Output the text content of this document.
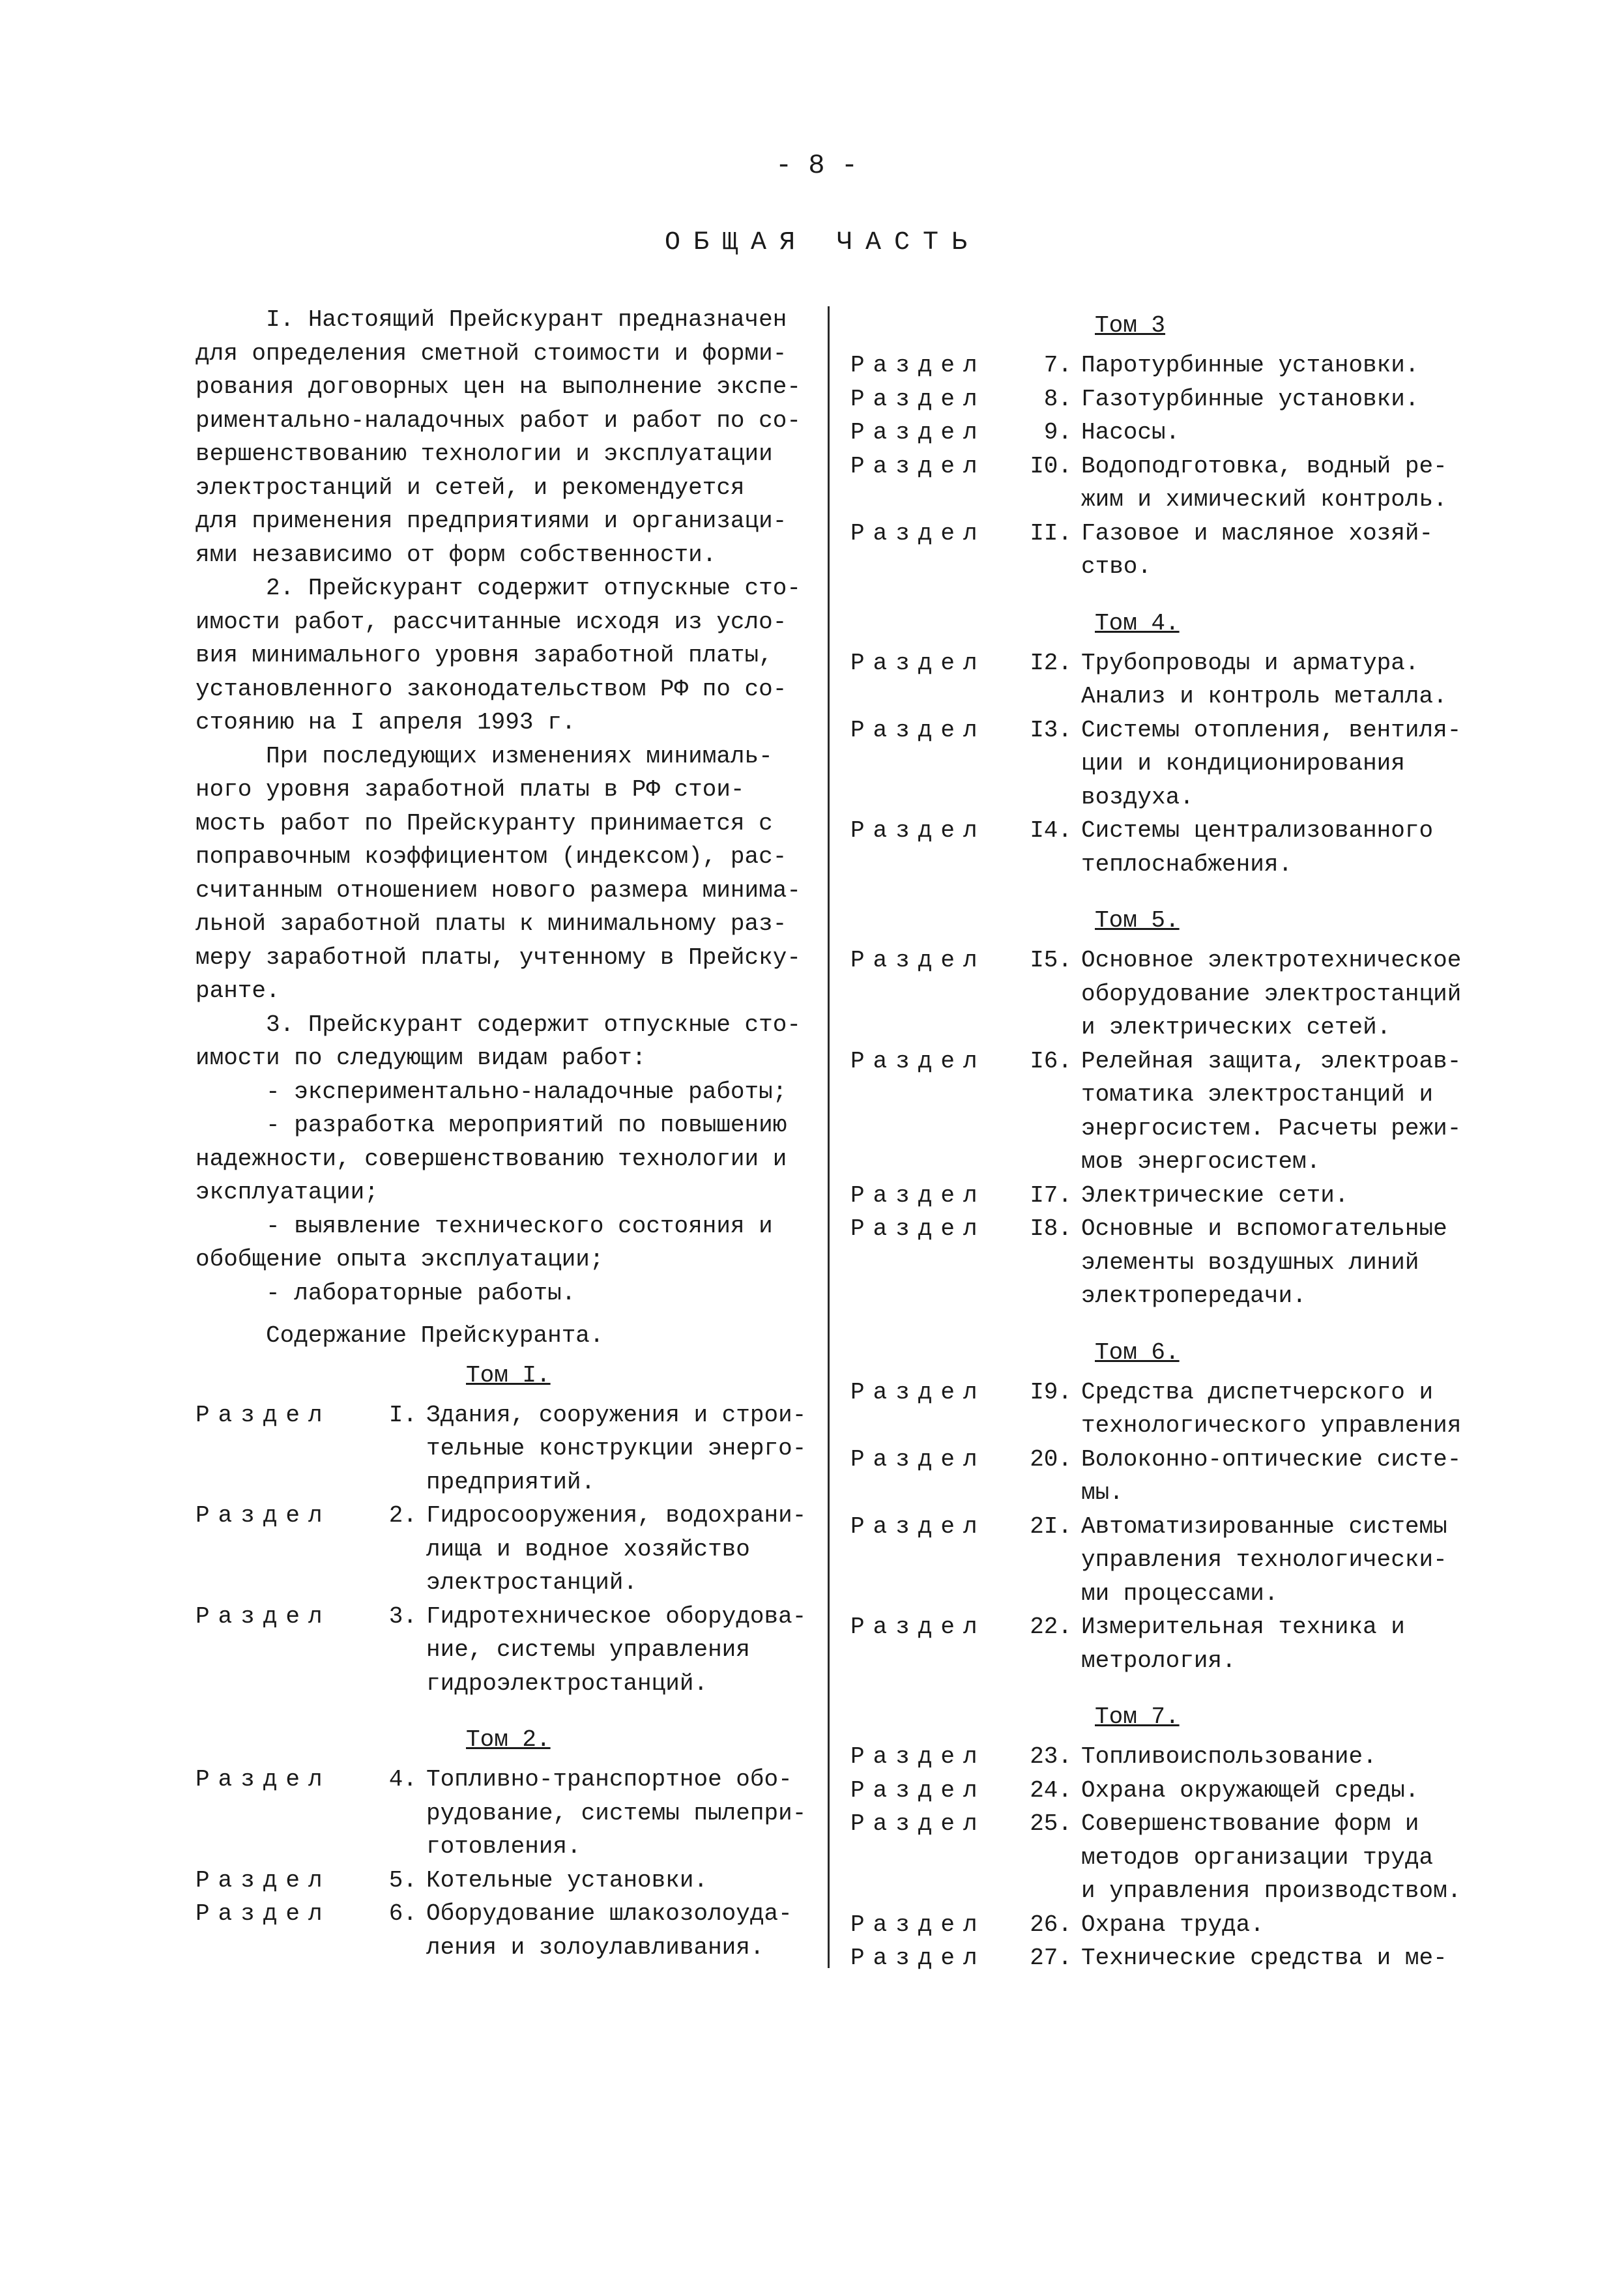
- 8 -
ОБЩАЯ ЧАСТЬ
I. Настоящий Прейскурант предназначен
для определения сметной стоимости и форми-
рования договорных цен на выполнение экспе-
риментально-наладочных работ и работ по со-
вершенствованию технологии и эксплуатации
электростанций и сетей, и рекомендуется
для применения предприятиями и организаци-
ями независимо от форм собственности.
2. Прейскурант содержит отпускные сто-
имости работ, рассчитанные исходя из усло-
вия минимального уровня заработной платы,
установленного законодательством РФ по со-
стоянию на I апреля 1993 г.
При последующих изменениях минималь-
ного уровня заработной платы в РФ стои-
мость работ по Прейскуранту принимается с
поправочным коэффициентом (индексом), рас-
считанным отношением нового размера минима-
льной заработной платы к минимальному раз-
меру заработной платы, учтенному в Прейску-
ранте.
3. Прейскурант содержит отпускные сто-
имости по следующим видам работ:
- экспериментально-наладочные работы;
- разработка мероприятий по повышению
надежности, совершенствованию технологии и
эксплуатации;
- выявление технического состояния и
обобщение опыта эксплуатации;
- лабораторные работы.
Содержание Прейскуранта.
Том I.
Раздел	I. Здания, сооружения и строи-
тельные конструкции энерго-
предприятий.
Раздел	2. Гидросооружения, водохрани-
лища и водное хозяйство
электростанций.
Раздел	3. Гидротехническое оборудова-
ние, системы управления
гидроэлектростанций.
Том 2.
Раздел	4. Топливно-транспортное обо-
рудование, системы пылепри-
готовления.
Раздел	5. Котельные установки.
Раздел	6. Оборудование шлакозолоуда-
ления и золоулавливания.
Том 3
Раздел	7. Паротурбинные установки.
Раздел	8. Газотурбинные установки.
Раздел	9. Насосы.
Раздел	I0. Водоподготовка, водный ре-
жим и химический контроль.
Раздел	II. Газовое и масляное хозяй-
ство.
Том 4.
Раздел	I2. Трубопроводы и арматура.
Анализ и контроль металла.
Раздел	I3. Системы отопления, вентиля-
ции и кондиционирования
воздуха.
Раздел	I4. Системы централизованного
теплоснабжения.
Том 5.
Раздел	I5. Основное электротехническое
оборудование электростанций
и электрических сетей.
Раздел	I6. Релейная защита, электроав-
томатика электростанций и
энергосистем. Расчеты режи-
мов энергосистем.
Раздел	I7. Электрические сети.
Раздел	I8. Основные и вспомогательные
элементы воздушных линий
электропередачи.
Том 6.
Раздел	I9. Средства диспетчерского и
технологического управления
Раздел	20. Волоконно-оптические систе-
мы.
Раздел	2I. Автоматизированные системы
управления технологически-
ми процессами.
Раздел	22. Измерительная техника и
метрология.
Том 7.
Раздел	23. Топливоиспользование.
Раздел	24. Охрана окружающей среды.
Раздел	25. Совершенствование форм и
методов организации труда
и управления производством.
Раздел	26. Охрана труда.
Раздел	27. Технические средства и ме-
